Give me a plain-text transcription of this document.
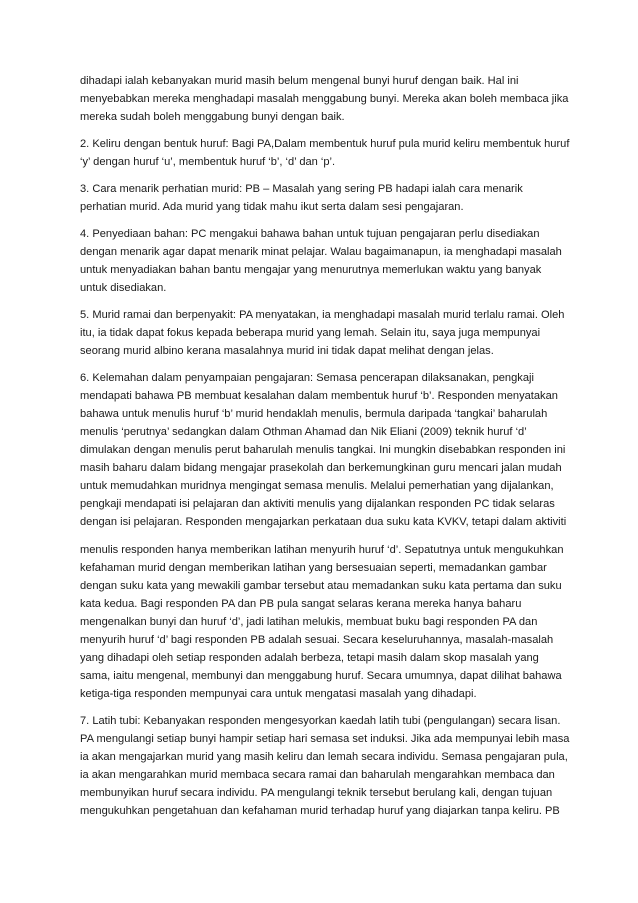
dihadapi ialah kebanyakan murid masih belum mengenal bunyi huruf dengan baik. Hal ini menyebabkan mereka menghadapi masalah menggabung bunyi. Mereka akan boleh membaca jika mereka sudah boleh menggabung bunyi dengan baik.

2. Keliru dengan bentuk huruf: Bagi PA,Dalam membentuk huruf pula murid keliru membentuk huruf ‘y’ dengan huruf ‘u’, membentuk huruf ‘b’, ‘d’ dan ‘p’.

3. Cara menarik perhatian murid: PB – Masalah yang sering PB hadapi ialah cara menarik perhatian murid. Ada murid yang tidak mahu ikut serta dalam sesi pengajaran.

4. Penyediaan bahan: PC mengakui bahawa bahan untuk tujuan pengajaran perlu disediakan dengan menarik agar dapat menarik minat pelajar. Walau bagaimanapun, ia menghadapi masalah untuk menyadiakan bahan bantu mengajar yang menurutnya memerlukan waktu yang banyak untuk disediakan.

5. Murid ramai dan berpenyakit: PA menyatakan, ia menghadapi masalah murid terlalu ramai. Oleh itu, ia tidak dapat fokus kepada beberapa murid yang lemah. Selain itu, saya juga mempunyai seorang murid albino kerana masalahnya murid ini tidak dapat melihat dengan jelas.

6. Kelemahan dalam penyampaian pengajaran: Semasa pencerapan dilaksanakan, pengkaji mendapati bahawa PB membuat kesalahan dalam membentuk huruf ‘b’. Responden menyatakan bahawa untuk menulis huruf ‘b’ murid hendaklah menulis, bermula daripada ‘tangkai’ baharulah menulis ‘perutnya’ sedangkan dalam Othman Ahamad dan Nik Eliani (2009) teknik huruf ‘d’ dimulakan dengan menulis perut baharulah menulis tangkai. Ini mungkin disebabkan responden ini masih baharu dalam bidang mengajar prasekolah dan berkemungkinan guru mencari jalan mudah untuk memudahkan muridnya mengingat semasa menulis. Melalui pemerhatian yang dijalankan, pengkaji mendapati isi pelajaran dan aktiviti menulis yang dijalankan responden PC tidak selaras dengan isi pelajaran. Responden mengajarkan perkataan dua suku kata KVKV, tetapi dalam aktiviti

menulis responden hanya memberikan latihan menyurih huruf ‘d’. Sepatutnya untuk mengukuhkan kefahaman murid dengan memberikan latihan yang bersesuaian seperti, memadankan gambar dengan suku kata yang mewakili gambar tersebut atau memadankan suku kata pertama dan suku kata kedua. Bagi responden PA dan PB pula sangat selaras kerana mereka hanya baharu mengenalkan bunyi dan huruf ‘d’, jadi latihan melukis, membuat buku bagi responden PA dan menyurih huruf ‘d’ bagi responden PB adalah sesuai. Secara keseluruhannya, masalah-masalah yang dihadapi oleh setiap responden adalah berbeza, tetapi masih dalam skop masalah yang sama, iaitu mengenal, membunyi dan menggabung huruf. Secara umumnya, dapat dilihat bahawa ketiga-tiga responden mempunyai cara untuk mengatasi masalah yang dihadapi.

7. Latih tubi: Kebanyakan responden mengesyorkan kaedah latih tubi (pengulangan) secara lisan. PA mengulangi setiap bunyi hampir setiap hari semasa set induksi. Jika ada mempunyai lebih masa ia akan mengajarkan murid yang masih keliru dan lemah secara individu. Semasa pengajaran pula, ia akan mengarahkan murid membaca secara ramai dan baharulah mengarahkan membaca dan membunyikan huruf secara individu. PA mengulangi teknik tersebut berulang kali, dengan tujuan mengukuhkan pengetahuan dan kefahaman murid terhadap huruf yang diajarkan tanpa keliru. PB
